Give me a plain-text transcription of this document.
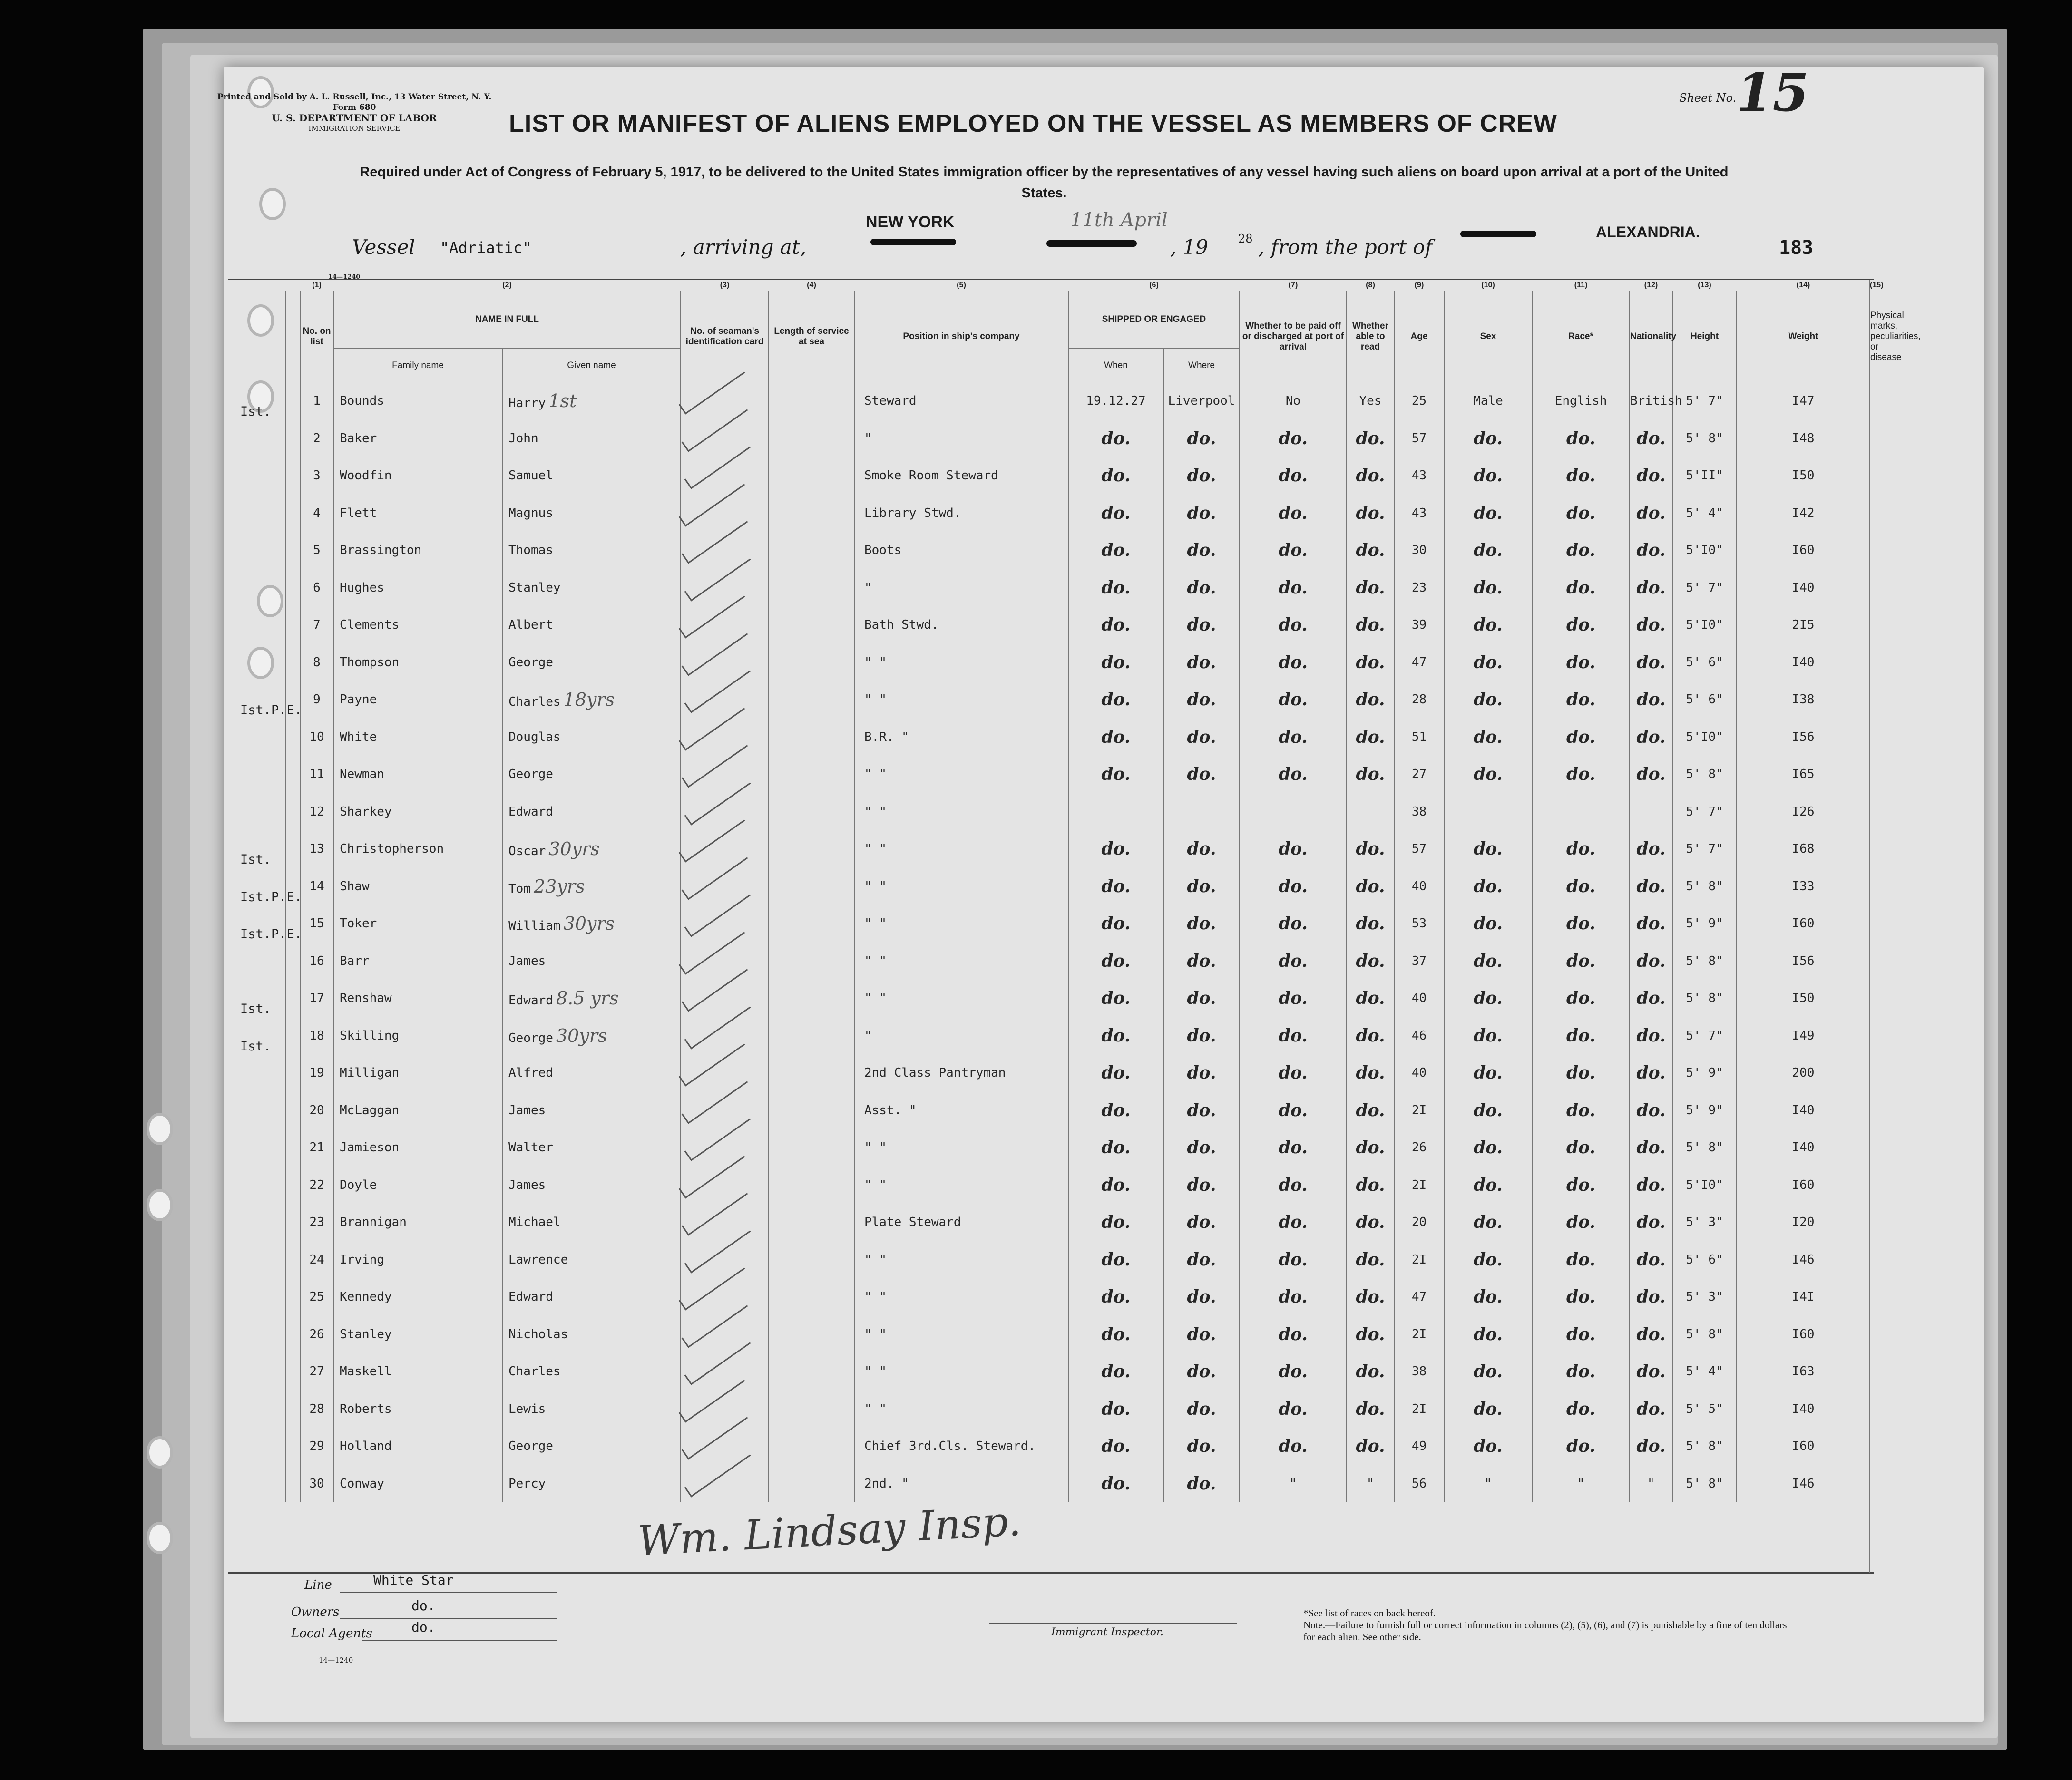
Printed and Sold by A. L. Russell, Inc., 13 Water Street, N. Y.
Form 680
U. S. DEPARTMENT OF LABOR
IMMIGRATION SERVICE
Sheet No. 15
LIST OR MANIFEST OF ALIENS EMPLOYED ON THE VESSEL AS MEMBERS OF CREW
Required under Act of Congress of February 5, 1917, to be delivered to the United States immigration officer by the representatives of any vessel having such aliens on board upon arrival at a port of the United States.
Vessel "Adriatic"	, arriving at,
NEW YORK	11th April
, 19	28 , from the port of
ALEXANDRIA.
183
14—1240
	(1)	(2)		(3)	(4)	(5)	(6)		(7)	(8)	(9)	(10)	(11)	(12)	(13)	(14)	
	No. on list	NAME IN FULL		No. of seaman's identification card	Length of service at sea	Position in ship's company	SHIPPED OR ENGAGED		Whether to be paid off or discharged at port of arrival	Whether able to read	Age	Sex	Race*	Nationality	Height	Weight	
		Family name	Given name				When	Where									
	1	Bounds	Harry 1st			Steward	19.12.27	Liverpool	No	Yes	25	Male	English	British	5' 7"	I47	
	2	Baker	John			"	do.	do.	do.	do.	57	do.	do.	do.	5' 8"	I48	
	3	Woodfin	Samuel			Smoke Room Steward	do.	do.	do.	do.	43	do.	do.	do.	5'II"	I50	
	4	Flett	Magnus			Library Stwd.	do.	do.	do.	do.	43	do.	do.	do.	5' 4"	I42	
	5	Brassington	Thomas			Boots	do.	do.	do.	do.	30	do.	do.	do.	5'I0"	I60	
	6	Hughes	Stanley			"	do.	do.	do.	do.	23	do.	do.	do.	5' 7"	I40	
	7	Clements	Albert			Bath Stwd.	do.	do.	do.	do.	39	do.	do.	do.	5'I0"	2I5	
	8	Thompson	George			" "	do.	do.	do.	do.	47	do.	do.	do.	5' 6"	I40	
	9	Payne	Charles 18yrs			" "	do.	do.	do.	do.	28	do.	do.	do.	5' 6"	I38	
	10	White	Douglas			B.R. "	do.	do.	do.	do.	51	do.	do.	do.	5'I0"	I56	
	11	Newman	George			" "	do.	do.	do.	do.	27	do.	do.	do.	5' 8"	I65	
	12	Sharkey	Edward			" "					38				5' 7"	I26	
	13	Christopherson	Oscar 30yrs			" "	do.	do.	do.	do.	57	do.	do.	do.	5' 7"	I68	
	14	Shaw	Tom 23yrs			" "	do.	do.	do.	do.	40	do.	do.	do.	5' 8"	I33	
	15	Toker	William 30yrs			" "	do.	do.	do.	do.	53	do.	do.	do.	5' 9"	I60	
	16	Barr	James			" "	do.	do.	do.	do.	37	do.	do.	do.	5' 8"	I56	
	17	Renshaw	Edward 8.5 yrs			" "	do.	do.	do.	do.	40	do.	do.	do.	5' 8"	I50	
	18	Skilling	George 30yrs			"	do.	do.	do.	do.	46	do.	do.	do.	5' 7"	I49	
	19	Milligan	Alfred			2nd Class Pantryman	do.	do.	do.	do.	40	do.	do.	do.	5' 9"	200	
	20	McLaggan	James			Asst. "	do.	do.	do.	do.	2I	do.	do.	do.	5' 9"	I40	
	21	Jamieson	Walter			" "	do.	do.	do.	do.	26	do.	do.	do.	5' 8"	I40	
	22	Doyle	James			" "	do.	do.	do.	do.	2I	do.	do.	do.	5'I0"	I60	
	23	Brannigan	Michael			Plate Steward	do.	do.	do.	do.	20	do.	do.	do.	5' 3"	I20	
	24	Irving	Lawrence			" "	do.	do.	do.	do.	2I	do.	do.	do.	5' 6"	I46	
	25	Kennedy	Edward			" "	do.	do.	do.	do.	47	do.	do.	do.	5' 3"	I4I	
	26	Stanley	Nicholas			" "	do.	do.	do.	do.	2I	do.	do.	do.	5' 8"	I60	
	27	Maskell	Charles			" "	do.	do.	do.	do.	38	do.	do.	do.	5' 4"	I63	
	28	Roberts	Lewis			" "	do.	do.	do.	do.	2I	do.	do.	do.	5' 5"	I40	
	29	Holland	George			Chief 3rd.Cls. Steward.	do.	do.	do.	do.	49	do.	do.	do.	5' 8"	I60	
	30	Conway	Percy			2nd. "	do.	do.	"	"	56	"	"	"	5' 8"	I46	
Ist.
Ist.P.E.
Ist.
Ist.P.E.
Ist.P.E.
Ist.
Ist.
Line	White Star
Owners	do.
Local Agents	do.
14—1240
Wm. Lindsay Insp.
Immigrant Inspector.
*See list of races on back hereof.
Note.—Failure to furnish full or correct information in columns (2), (5), (6), and (7) is punishable by a fine of ten dollars for each alien. See other side.
